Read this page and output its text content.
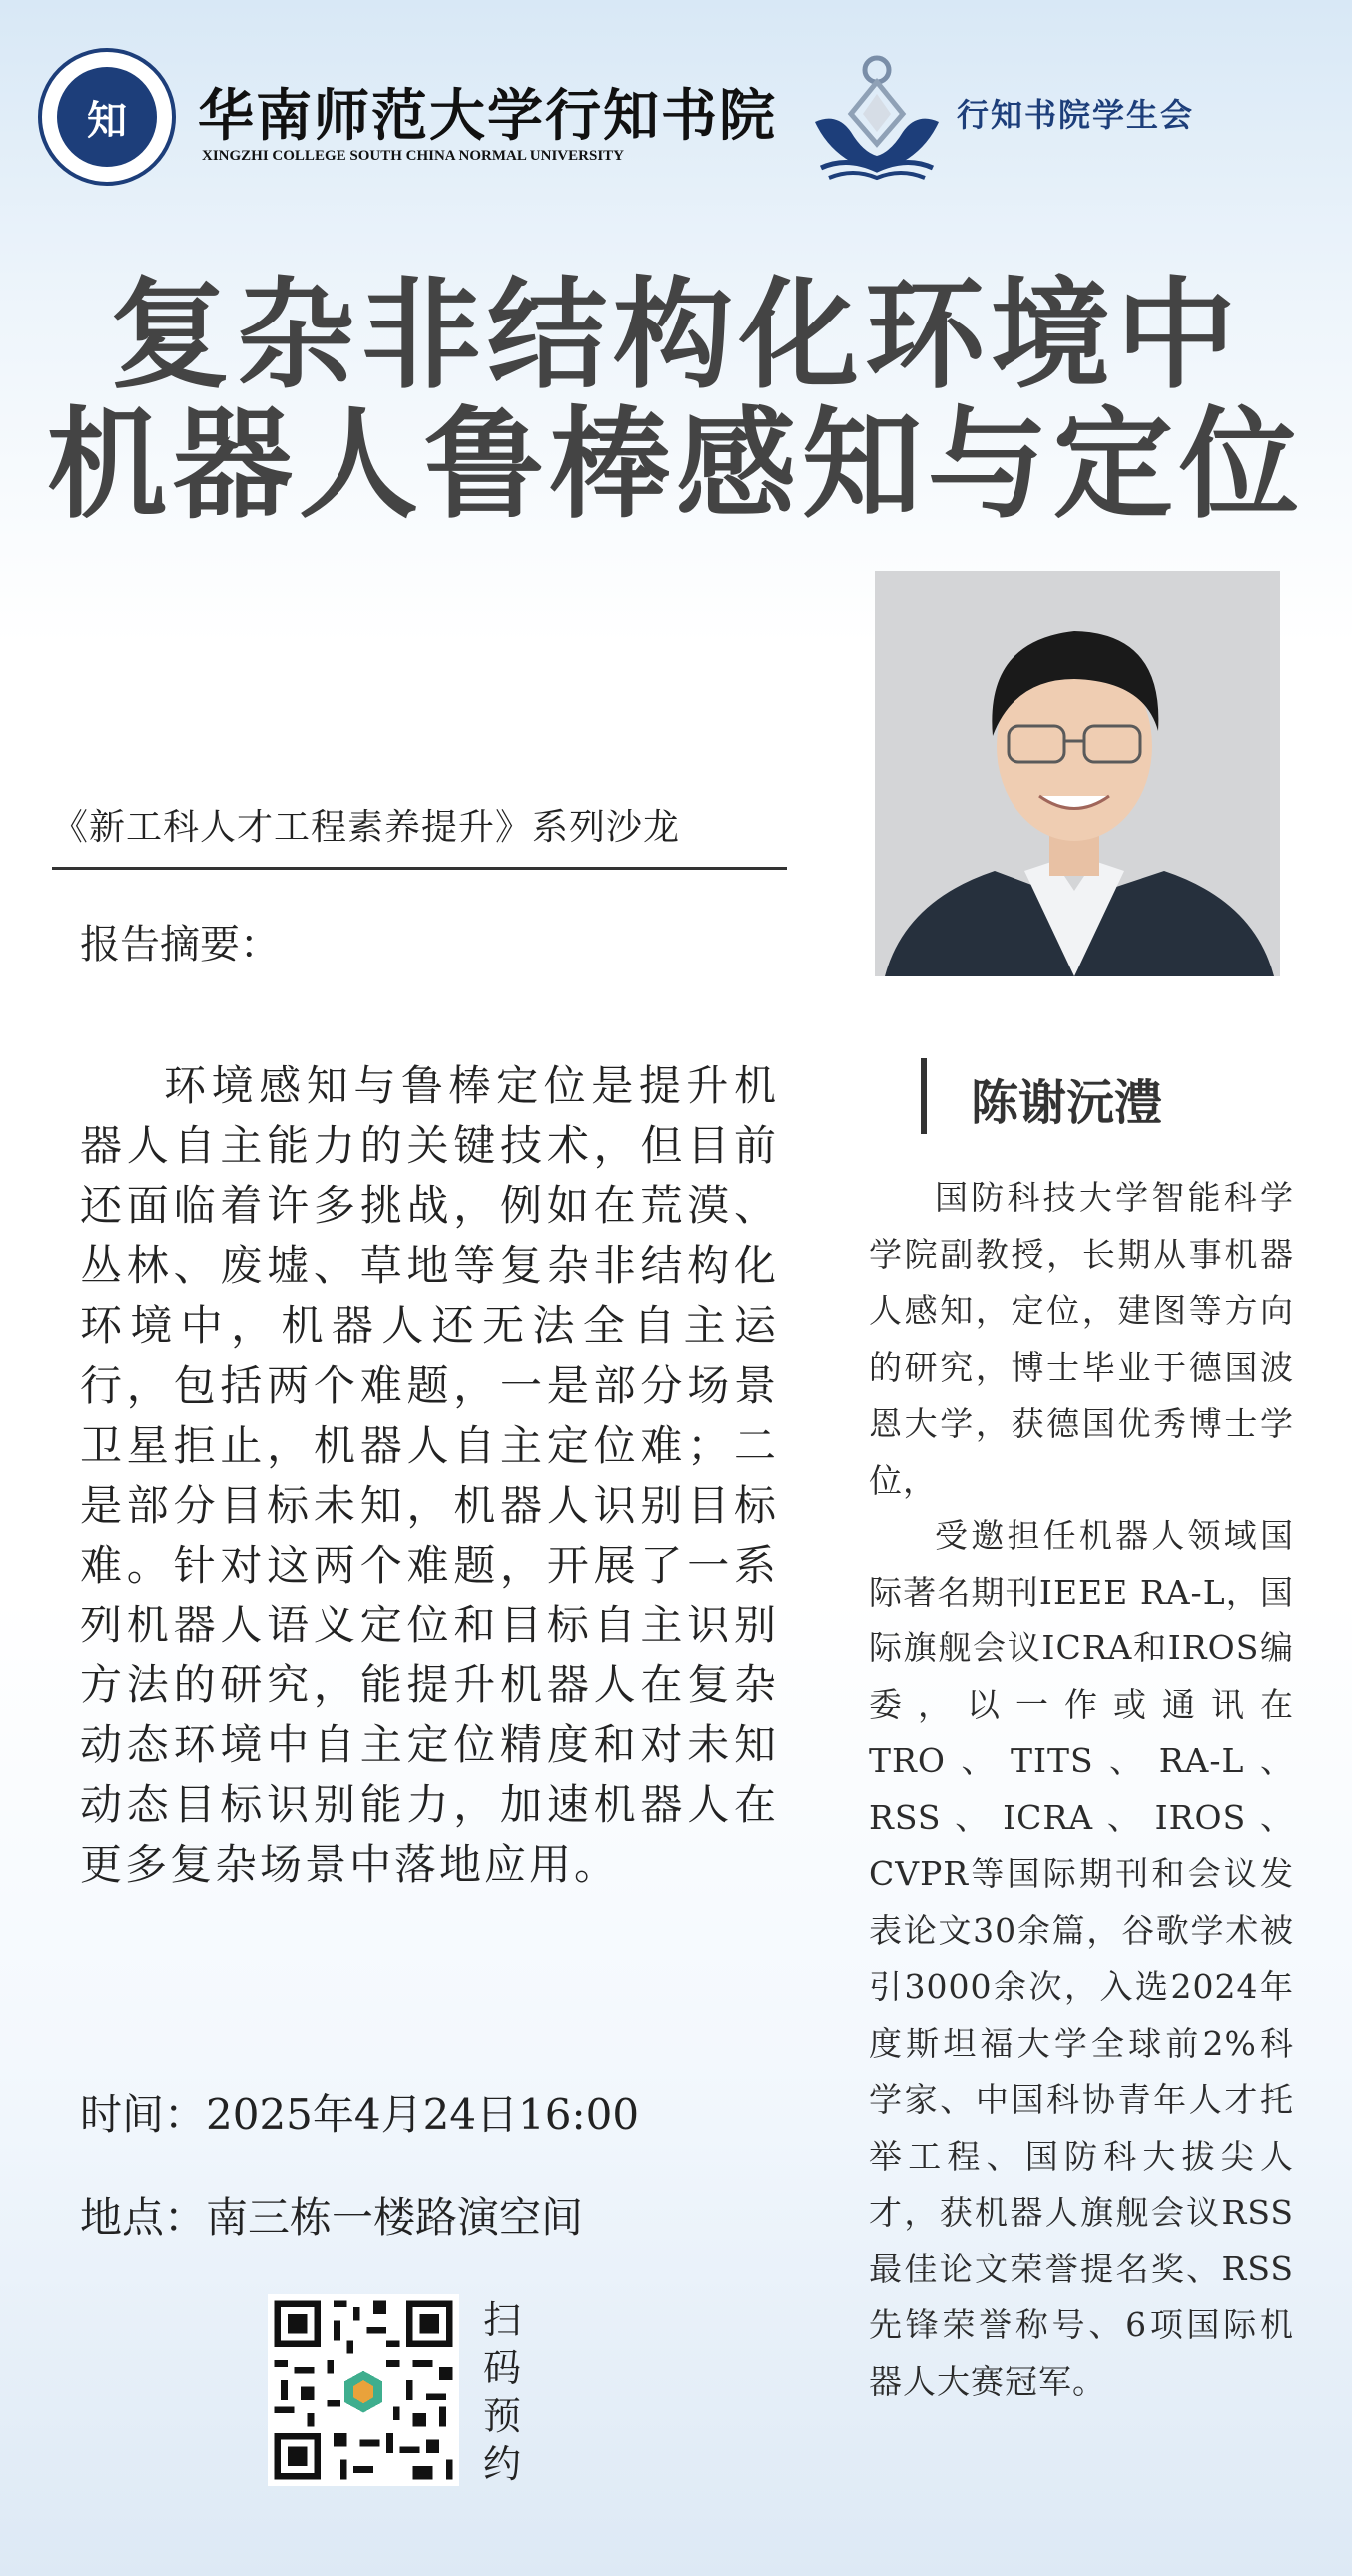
知	华南师范大学行知书院
XINGZHI COLLEGE SOUTH CHINA NORMAL UNIVERSITY
行知书院学生会
复杂非结构化环境中
机器人鲁棒感知与定位
《新工科人才工程素养提升》系列沙龙
报告摘要：
环境感知与鲁棒定位是提升机器人自主能力的关键技术，但目前还面临着许多挑战，例如在荒漠、丛林、废墟、草地等复杂非结构化环境中，机器人还无法全自主运行，包括两个难题，一是部分场景卫星拒止，机器人自主定位难；二是部分目标未知，机器人识别目标难。针对这两个难题，开展了一系列机器人语义定位和目标自主识别方法的研究，能提升机器人在复杂动态环境中自主定位精度和对未知动态目标识别能力，加速机器人在更多复杂场景中落地应用。
时间：2025年4月24日16:00
地点：南三栋一楼路演空间
扫码预约
陈谢沅澧
国防科技大学智能科学学院副教授，长期从事机器人感知，定位，建图等方向的研究，博士毕业于德国波恩大学，获德国优秀博士学位，
受邀担任机器人领域国际著名期刊IEEE RA-L，国际旗舰会议ICRA和IROS编委，以一作或通讯在 TRO、TITS、RA-L、RSS、ICRA、IROS、CVPR等国际期刊和会议发表论文30余篇，谷歌学术被引3000余次，入选2024年度斯坦福大学全球前2%科学家、中国科协青年人才托举工程、国防科大拔尖人才，获机器人旗舰会议RSS最佳论文荣誉提名奖、RSS先锋荣誉称号、6项国际机器人大赛冠军。
